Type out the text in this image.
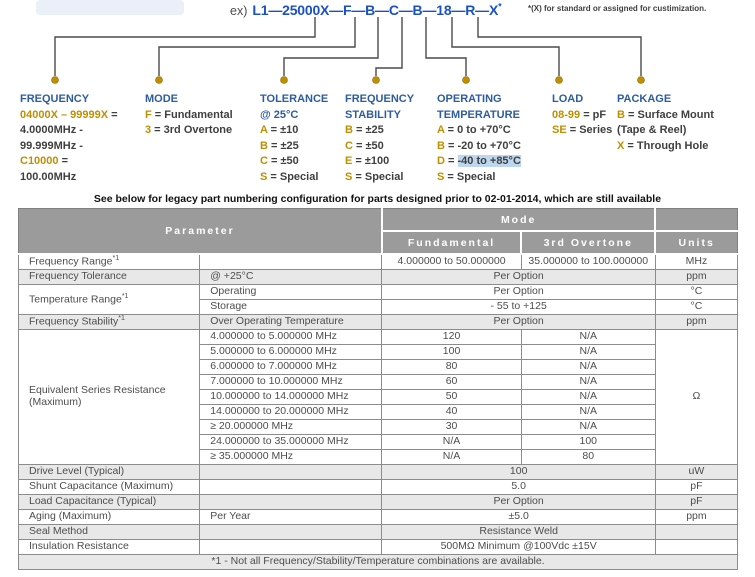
ex) L1—25000X—F—B—C—B—18—R—X*	*(X) for standard or assigned for custimization.
FREQUENCY
04000X – 99999X =
4.0000MHz -
99.999MHz -
C10000 =
100.00MHz
MODE
F = Fundamental
3 = 3rd Overtone
TOLERANCE
@ 25°C
A = ±10
B = ±25
C = ±50
S = Special
FREQUENCY
STABILITY
B = ±25
C = ±50
E = ±100
S = Special
OPERATING
TEMPERATURE
A = 0 to +70°C
B = -20 to +70°C
D = -40 to +85°C
S = Special
LOAD
08-99 = pF
SE = Series
PACKAGE
B = Surface Mount
(Tape & Reel)
X = Through Hole
See below for legacy part numbering configuration for parts designed prior to 02-01-2014, which are still available
Parameter		Mode		
		Fundamental	3rd Overtone	Units
Frequency Range$^{*1}$		4.000000 to 50.000000	35.000000 to 100.000000	MHz
Frequency Tolerance	@ +25°C	Per Option		ppm
Temperature Range$^{*1}$	Operating	Per Option		°C
	Storage	- 55 to +125		°C
Frequency Stability$^{*1}$	Over Operating Temperature	Per Option		ppm
Equivalent Series Resistance (Maximum)	4.000000 to 5.000000 MHz	120	N/A	Ω
	5.000000 to 6.000000 MHz	100	N/A	
	6.000000 to 7.000000 MHz	80	N/A	
	7.000000 to 10.000000 MHz	60	N/A	
	10.000000 to 14.000000 MHz	50	N/A	
	14.000000 to 20.000000 MHz	40	N/A	
	≥ 20.000000 MHz	30	N/A	
	24.000000 to 35.000000 MHz	N/A	100	
	≥ 35.000000 MHz	N/A	80	
Drive Level (Typical)		100		uW
Shunt Capacitance (Maximum)		5.0		pF
Load Capacitance (Typical)		Per Option		pF
Aging (Maximum)	Per Year	±5.0		ppm
Seal Method		Resistance Weld		
Insulation Resistance		500MΩ Minimum @100Vdc ±15V		
*1 - Not all Frequency/Stability/Temperature combinations are available.				
